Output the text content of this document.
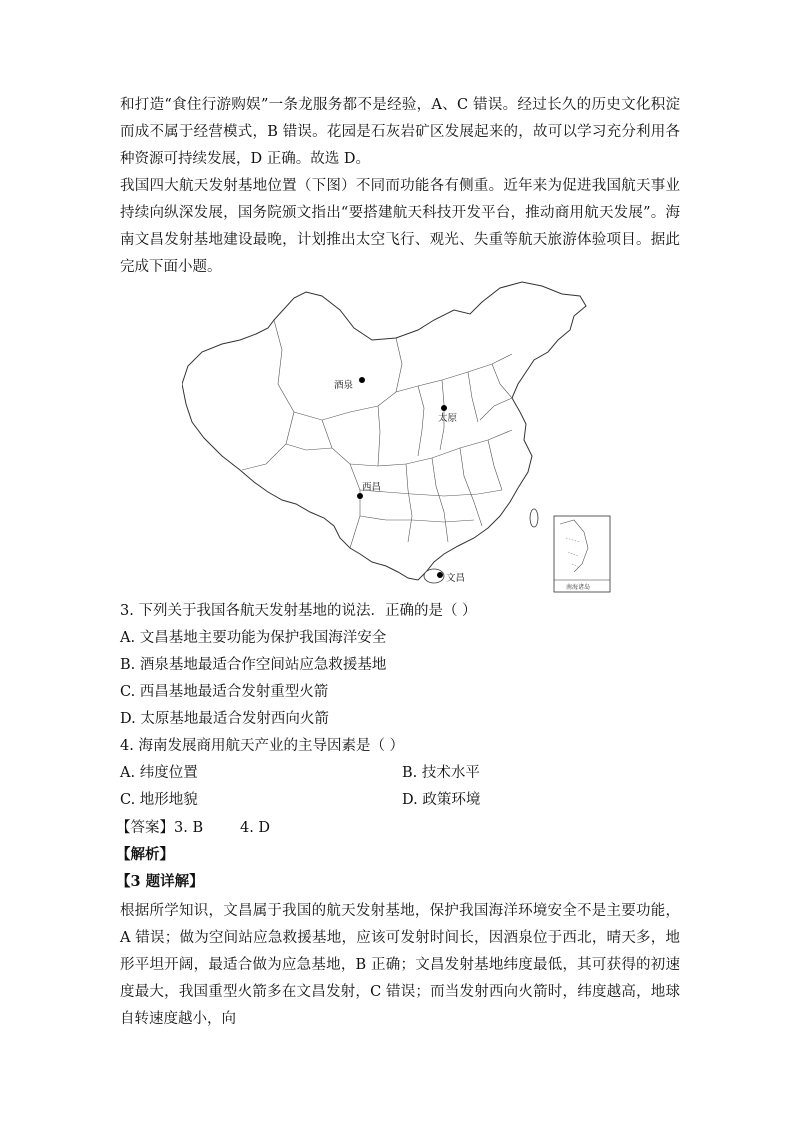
和打造“食住行游购娱”一条龙服务都不是经验，A、C 错误。经过长久的历史文化积淀而成不属于经营模式，B 错误。花园是石灰岩矿区发展起来的，故可以学习充分利用各种资源可持续发展，D 正确。故选 D。

我国四大航天发射基地位置（下图）不同而功能各有侧重。近年来为促进我国航天事业持续向纵深发展，国务院颁文指出“要搭建航天科技开发平台，推动商用航天发展”。海南文昌发射基地建设最晚，计划推出太空飞行、观光、失重等航天旅游体验项目。据此完成下面小题。

酒泉
太原
西昌
文昌
南海诸岛
3. 下列关于我国各航天发射基地的说法．正确的是（ ）
A. 文昌基地主要功能为保护我国海洋安全
B. 酒泉基地最适合作空间站应急救援基地
C. 西昌基地最适合发射重型火箭
D. 太原基地最适合发射西向火箭
4. 海南发展商用航天产业的主导因素是（ ）
A. 纬度位置	B. 技术水平
C. 地形地貌	D. 政策环境
【答案】3. B        4. D
【解析】
【3 题详解】

根据所学知识，文昌属于我国的航天发射基地，保护我国海洋环境安全不是主要功能，A 错误；做为空间站应急救援基地，应该可发射时间长，因酒泉位于西北，晴天多，地形平坦开阔，最适合做为应急基地，B 正确；文昌发射基地纬度最低，其可获得的初速度最大，我国重型火箭多在文昌发射，C 错误；而当发射西向火箭时，纬度越高，地球自转速度越小，向
